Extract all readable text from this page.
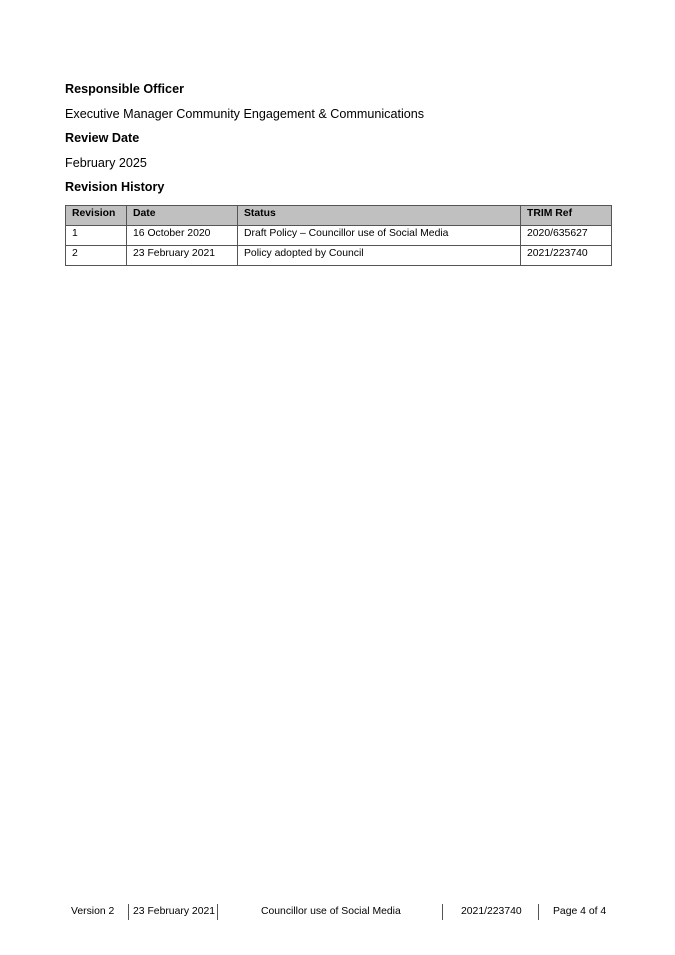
Responsible Officer

Executive Manager Community Engagement & Communications

Review Date

February 2025

Revision History
Revision	Date	Status	TRIM Ref
1	16 October 2020	Draft Policy – Councillor use of Social Media	2020/635627
2	23 February 2021	Policy adopted by Council	2021/223740
Version 2 23 February 2021	Councillor use of Social Media	2021/223740	Page 4 of 4
